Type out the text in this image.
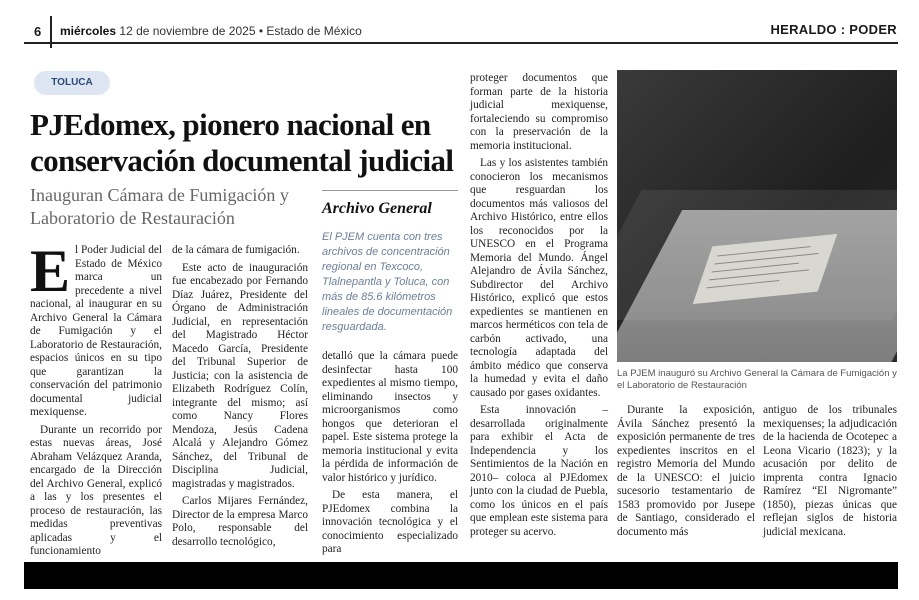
6 miércoles 12 de noviembre de 2025 • Estado de México	HERALDO : PODER
TOLUCA
PJEdomex, pionero nacional en conservación documental judicial
Inauguran Cámara de Fumigación y Laboratorio de Restauración	Archivo General
El PJEM cuenta con tres archivos de concentración regional en Texcoco, Tlalnepantla y Toluca, con más de 85.6 kilómetros lineales de documentación resguardada.
E l Poder Judicial del Estado de México marca un precedente a nivel nacional, al inaugurar en su Archivo General la Cámara de Fumigación y el Laboratorio de Restauración, espacios únicos en su tipo que garantizan la conservación del patrimonio documental judicial mexiquense.

Durante un recorrido por estas nuevas áreas, José Abraham Velázquez Aranda, encargado de la Dirección del Archivo General, explicó a las y los presentes el proceso de restauración, las medidas preventivas aplicadas y el funcionamiento

de la cámara de fumigación.

Este acto de inauguración fue encabezado por Fernando Díaz Juárez, Presidente del Órgano de Administración Judicial, en representación del Magistrado Héctor Macedo García, Presidente del Tribunal Superior de Justicia; con la asistencia de Elizabeth Rodríguez Colín, integrante del mismo; así como Nancy Flores Mendoza, Jesús Cadena Alcalá y Alejandro Gómez Sánchez, del Tribunal de Disciplina Judicial, magistradas y magistrados.

Carlos Mijares Fernández, Director de la empresa Marco Polo, responsable del desarrollo tecnológico,

detalló que la cámara puede desinfectar hasta 100 expedientes al mismo tiempo, eliminando insectos y microorganismos como hongos que deterioran el papel. Este sistema protege la memoria institucional y evita la pérdida de información de valor histórico y jurídico.

De esta manera, el PJEdomex combina la innovación tecnológica y el conocimiento especializado para

proteger documentos que forman parte de la historia judicial mexiquense, fortaleciendo su compromiso con la preservación de la memoria institucional.

Las y los asistentes también conocieron los mecanismos que resguardan los documentos más valiosos del Archivo Histórico, entre ellos los reconocidos por la UNESCO en el Programa Memoria del Mundo. Ángel Alejandro de Ávila Sánchez, Subdirector del Archivo Histórico, explicó que estos expedientes se mantienen en marcos herméticos con tela de carbón activado, una tecnología adaptada del ámbito médico que conserva la humedad y evita el daño causado por gases oxidantes.

Esta innovación –desarrollada originalmente para exhibir el Acta de Independencia y los Sentimientos de la Nación en 2010– coloca al PJEdomex junto con la ciudad de Puebla, como los únicos en el país que emplean este sistema para proteger su acervo.

La PJEM inauguró su Archivo General la Cámara de Fumigación y el Laboratorio de Restauración

Durante la exposición, Ávila Sánchez presentó la exposición permanente de tres expedientes inscritos en el registro Memoria del Mundo de la UNESCO: el juicio sucesorio testamentario de 1583 promovido por Jusepe de Santiago, considerado el documento más

antiguo de los tribunales mexiquenses; la adjudicación de la hacienda de Ocotepec a Leona Vicario (1823); y la acusación por delito de imprenta contra Ignacio Ramírez “El Nigromante” (1850), piezas únicas que reflejan siglos de historia judicial mexicana.
